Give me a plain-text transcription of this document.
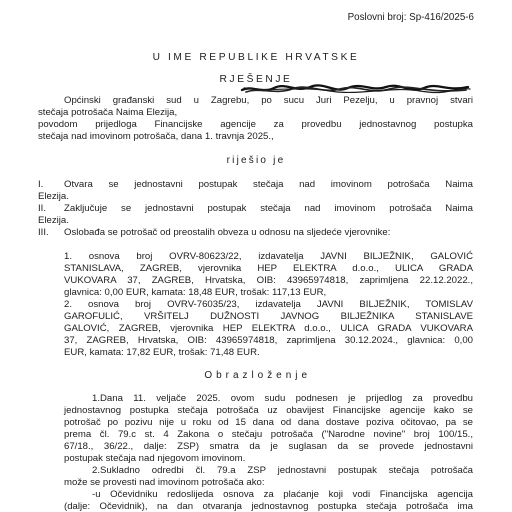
Poslovni broj: Sp-416/2025-6
U IME REPUBLIKE HRVATSKE
RJEŠENJE
Općinski građanski sud u Zagrebu, po sucu Juri Pezelju, u pravnoj stvari
stečaja potrošača Naima Elezija,
povodom prijedloga Financijske agencije za provedbu jednostavnog postupka
stečaja nad imovinom potrošača, dana 1. travnja 2025.,
riješio je
I. Otvara se jednostavni postupak stečaja nad imovinom potrošača Naima
Elezija.
II. Zaključuje se jednostavni postupak stečaja nad imovinom potrošača Naima
Elezija.
III. Oslobađa se potrošač od preostalih obveza u odnosu na sljedeće vjerovnike:
1. osnova broj OVRV-80623/22, izdavatelja JAVNI BILJEŽNIK, GALOVIĆ
STANISLAVA, ZAGREB, vjerovnika HEP ELEKTRA d.o.o., ULICA GRADA
VUKOVARA 37, ZAGREB, Hrvatska, OIB: 43965974818, zaprimljena 22.12.2022.,
glavnica: 0,00 EUR, kamata: 18,48 EUR, trošak: 117,13 EUR,
2. osnova broj OVRV-76035/23, izdavatelja JAVNI BILJEŽNIK, TOMISLAV
GAROFULIĆ, VRŠITELJ DUŽNOSTI JAVNOG BILJEŽNIKA STANISLAVE
GALOVIĆ, ZAGREB, vjerovnika HEP ELEKTRA d.o.o., ULICA GRADA VUKOVARA
37, ZAGREB, Hrvatska, OIB: 43965974818, zaprimljena 30.12.2024., glavnica: 0,00
EUR, kamata: 17,82 EUR, trošak: 71,48 EUR.
O b r a z l o ž e n j e
1.Dana 11. veljače 2025. ovom sudu podnesen je prijedlog za provedbu
jednostavnog postupka stečaja potrošača uz obavijest Financijske agencije kako se
potrošač po pozivu nije u roku od 15 dana od dana dostave poziva očitovao, pa se
prema čl. 79.c st. 4 Zakona o stečaju potrošača ("Narodne novine" broj 100/15.,
67/18., 36/22., dalje: ZSP) smatra da je suglasan da se provede jednostavni
postupak stečaja nad njegovom imovinom.
2.Sukladno odredbi čl. 79.a ZSP jednostavni postupak stečaja potrošača
može se provesti nad imovinom potrošača ako:
-u Očevidniku redoslijeda osnova za plaćanje koji vodi Financijska agencija
(dalje: Očevidnik), na dan otvaranja jednostavnog postupka stečaja potrošača ima
